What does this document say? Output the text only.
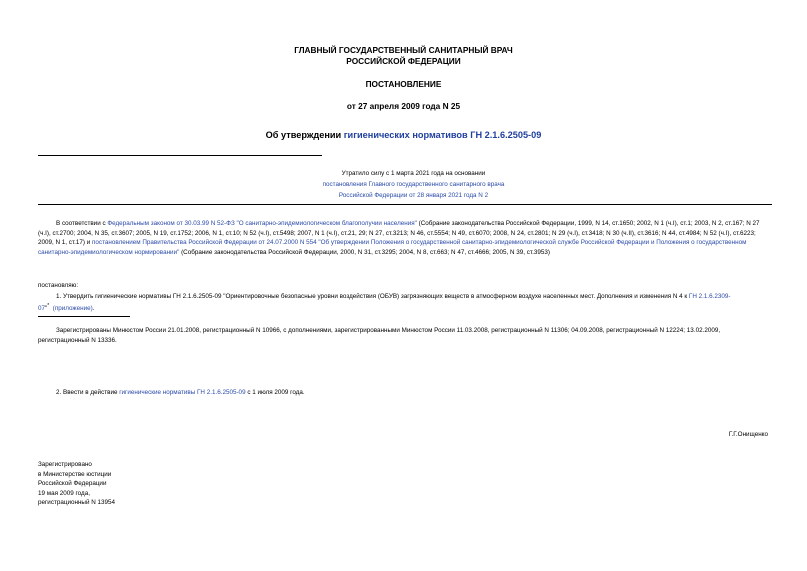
ГЛАВНЫЙ ГОСУДАРСТВЕННЫЙ САНИТАРНЫЙ ВРАЧ
РОССИЙСКОЙ ФЕДЕРАЦИИ
ПОСТАНОВЛЕНИЕ
от 27 апреля 2009 года N 25
Об утверждении гигиенических нормативов ГН 2.1.6.2505-09
Утратило силу с 1 марта 2021 года на основании
постановления Главного государственного санитарного врача
Российской Федерации от 28 января 2021 года N 2
В соответствии с Федеральным законом от 30.03.99 N 52-ФЗ "О санитарно-эпидемиологическом благополучии населения" (Собрание законодательства Российской Федерации, 1999, N 14, ст.1650; 2002, N 1 (ч.I), ст.1; 2003, N 2, ст.167; N 27 (ч.I), ст.2700; 2004, N 35, ст.3607; 2005, N 19, ст.1752; 2006, N 1, ст.10; N 52 (ч.I), ст.5498; 2007, N 1 (ч.I), ст.21, 29; N 27, ст.3213; N 46, ст.5554; N 49, ст.6070; 2008, N 24, ст.2801; N 29 (ч.I), ст.3418; N 30 (ч.II), ст.3616; N 44, ст.4984; N 52 (ч.I), ст.6223; 2009, N 1, ст.17) и постановлением Правительства Российской Федерации от 24.07.2000 N 554 "Об утверждении Положения о государственной санитарно-эпидемиологической службе Российской Федерации и Положения о государственном санитарно-эпидемиологическом нормировании" (Собрание законодательства Российской Федерации, 2000, N 31, ст.3295; 2004, N 8, ст.663; N 47, ст.4666; 2005, N 39, ст.3953)
постановляю:
1. Утвердить гигиенические нормативы ГН 2.1.6.2505-09 "Ориентировочные безопасные уровни воздействия (ОБУВ) загрязняющих веществ в атмосферном воздухе населенных мест. Дополнения и изменения N 4 к ГН 2.1.6.2309-07"* (приложение).
Зарегистрированы Минюстом России 21.01.2008, регистрационный N 10966, с дополнениями, зарегистрированными Минюстом России 11.03.2008, регистрационный N 11306; 04.09.2008, регистрационный N 12224; 13.02.2009, регистрационный N 13336.
2. Ввести в действие гигиенические нормативы ГН 2.1.6.2505-09 с 1 июля 2009 года.
Г.Г.Онищенко
Зарегистрировано
в Министерстве юстиции
Российской Федерации
19 мая 2009 года,
регистрационный N 13954
